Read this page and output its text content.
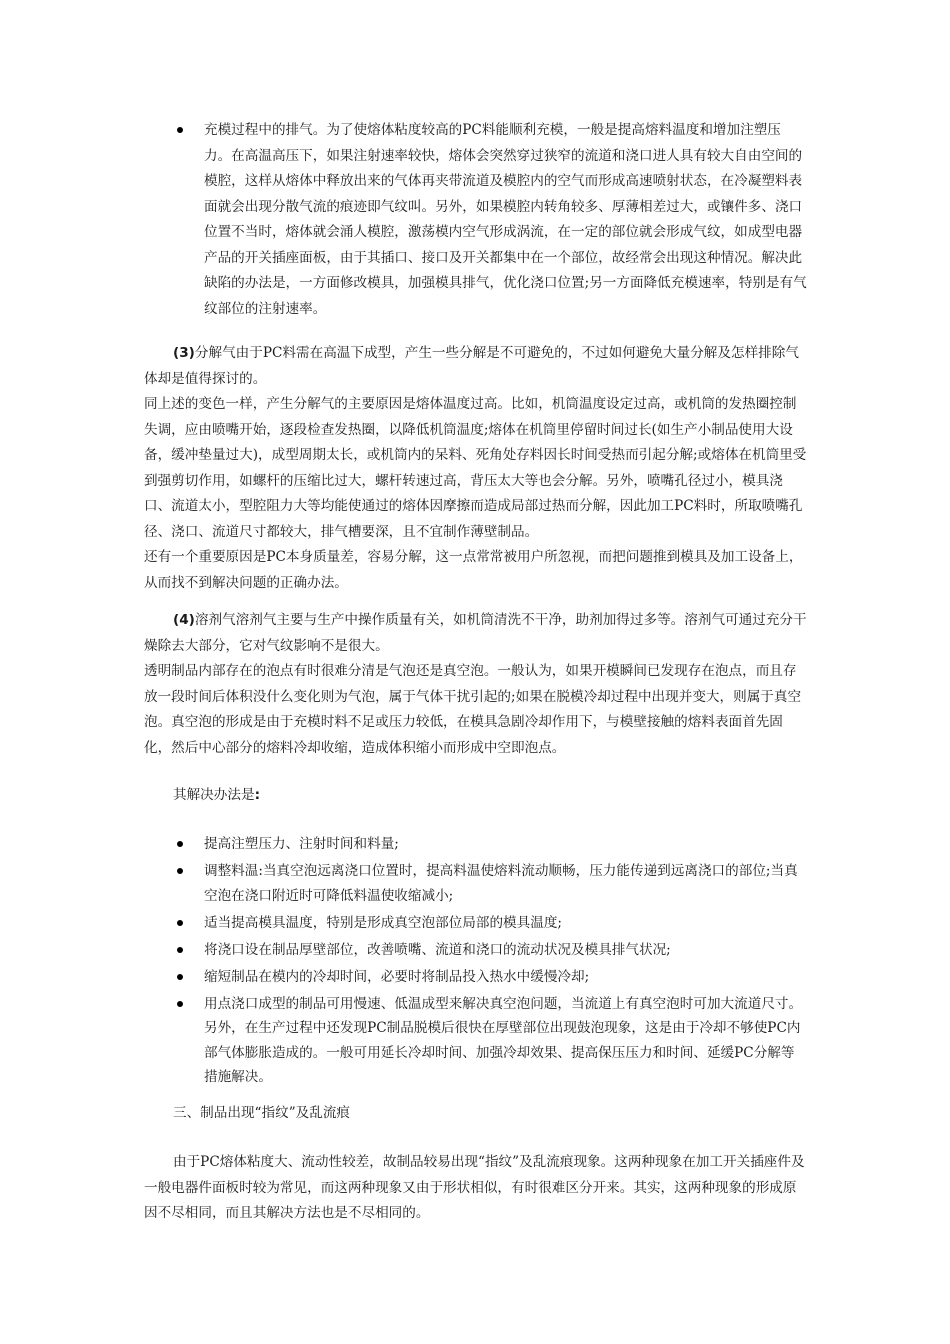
充模过程中的排气。为了使熔体粘度较高的PC料能顺利充模，一般是提高熔料温度和增加注塑压力。在高温高压下，如果注射速率较快，熔体会突然穿过狭窄的流道和浇口进人具有较大自由空间的模腔，这样从熔体中释放出来的气体再夹带流道及模腔内的空气而形成高速喷射状态，在冷凝塑料表面就会出现分散气流的痕迹即气纹叫。另外，如果模腔内转角较多、厚薄相差过大，或镶件多、浇口位置不当时，熔体就会涌人模腔，激荡模内空气形成涡流，在一定的部位就会形成气纹，如成型电器产品的开关插座面板，由于其插口、接口及开关都集中在一个部位，故经常会出现这种情况。解决此缺陷的办法是，一方面修改模具，加强模具排气，优化浇口位置;另一方面降低充模速率，特别是有气纹部位的注射速率。

(3)分解气由于PC料需在高温下成型，产生一些分解是不可避免的，不过如何避免大量分解及怎样排除气体却是值得探讨的。

同上述的变色一样，产生分解气的主要原因是熔体温度过高。比如，机筒温度设定过高，或机筒的发热圈控制失调，应由喷嘴开始，逐段检查发热圈，以降低机筒温度;熔体在机筒里停留时间过长(如生产小制品使用大设备，缓冲垫量过大)，成型周期太长，或机筒内的呆料、死角处存料因长时间受热而引起分解;或熔体在机筒里受到强剪切作用，如螺杆的压缩比过大，螺杆转速过高，背压太大等也会分解。另外，喷嘴孔径过小，模具浇口、流道太小，型腔阻力大等均能使通过的熔体因摩擦而造成局部过热而分解，因此加工PC料时，所取喷嘴孔径、浇口、流道尺寸都较大，排气槽要深，且不宜制作薄壁制品。

还有一个重要原因是PC本身质量差，容易分解，这一点常常被用户所忽视，而把问题推到模具及加工设备上，从而找不到解决问题的正确办法。

(4)溶剂气溶剂气主要与生产中操作质量有关，如机筒清洗不干净，助剂加得过多等。溶剂气可通过充分干燥除去大部分，它对气纹影响不是很大。

透明制品内部存在的泡点有时很难分清是气泡还是真空泡。一般认为，如果开模瞬间已发现存在泡点，而且存放一段时间后体积没什么变化则为气泡，属于气体干扰引起的;如果在脱模冷却过程中出现并变大，则属于真空泡。真空泡的形成是由于充模时料不足或压力较低，在模具急剧冷却作用下，与模壁接触的熔料表面首先固化，然后中心部分的熔料冷却收缩，造成体积缩小而形成中空即泡点。

其解决办法是:

提高注塑压力、注射时间和料量;
调整料温:当真空泡远离浇口位置时，提高料温使熔料流动顺畅，压力能传递到远离浇口的部位;当真空泡在浇口附近时可降低料温使收缩减小;
适当提高模具温度，特别是形成真空泡部位局部的模具温度;
将浇口设在制品厚壁部位，改善喷嘴、流道和浇口的流动状况及模具排气状况;
缩短制品在模内的冷却时间，必要时将制品投入热水中缓慢冷却;
用点浇口成型的制品可用慢速、低温成型来解决真空泡问题，当流道上有真空泡时可加大流道尺寸。另外，在生产过程中还发现PC制品脱模后很快在厚壁部位出现鼓泡现象，这是由于冷却不够使PC内部气体膨胀造成的。一般可用延长冷却时间、加强冷却效果、提高保压压力和时间、延缓PC分解等措施解决。

三、制品出现“指纹”及乱流痕

由于PC熔体粘度大、流动性较差，故制品较易出现“指纹”及乱流痕现象。这两种现象在加工开关插座件及一般电器件面板时较为常见，而这两种现象又由于形状相似，有时很难区分开来。其实，这两种现象的形成原因不尽相同，而且其解决方法也是不尽相同的。
